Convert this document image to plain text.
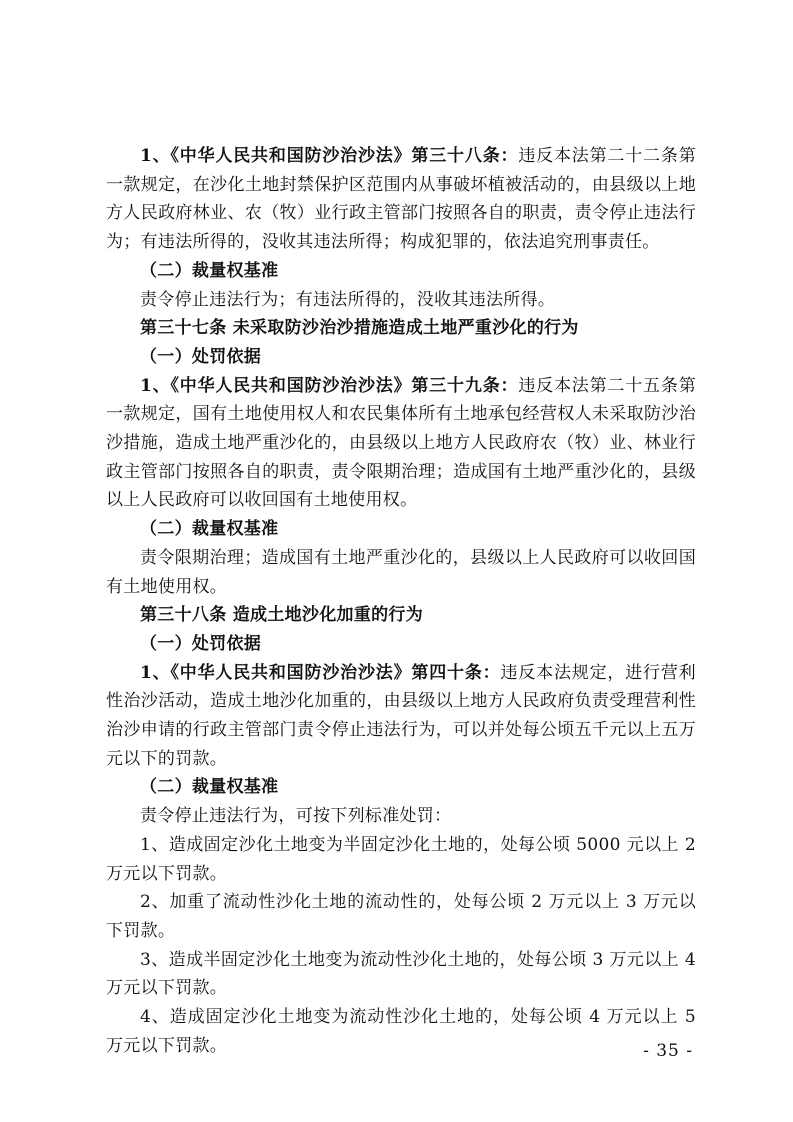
1、《中华人民共和国防沙治沙法》第三十八条：违反本法第二十二条第一款规定，在沙化土地封禁保护区范围内从事破坏植被活动的，由县级以上地方人民政府林业、农（牧）业行政主管部门按照各自的职责，责令停止违法行为；有违法所得的，没收其违法所得；构成犯罪的，依法追究刑事责任。

（二）裁量权基准

责令停止违法行为；有违法所得的，没收其违法所得。

第三十七条 未采取防沙治沙措施造成土地严重沙化的行为

（一）处罚依据

1、《中华人民共和国防沙治沙法》第三十九条：违反本法第二十五条第一款规定，国有土地使用权人和农民集体所有土地承包经营权人未采取防沙治沙措施，造成土地严重沙化的，由县级以上地方人民政府农（牧）业、林业行政主管部门按照各自的职责，责令限期治理；造成国有土地严重沙化的，县级以上人民政府可以收回国有土地使用权。

（二）裁量权基准

责令限期治理；造成国有土地严重沙化的，县级以上人民政府可以收回国有土地使用权。

第三十八条 造成土地沙化加重的行为

（一）处罚依据

1、《中华人民共和国防沙治沙法》第四十条：违反本法规定，进行营利性治沙活动，造成土地沙化加重的，由县级以上地方人民政府负责受理营利性治沙申请的行政主管部门责令停止违法行为，可以并处每公顷五千元以上五万元以下的罚款。

（二）裁量权基准

责令停止违法行为，可按下列标准处罚：

1、造成固定沙化土地变为半固定沙化土地的，处每公顷 5000 元以上 2 万元以下罚款。

2、加重了流动性沙化土地的流动性的，处每公顷 2 万元以上 3 万元以下罚款。

3、造成半固定沙化土地变为流动性沙化土地的，处每公顷 3 万元以上 4 万元以下罚款。

4、造成固定沙化土地变为流动性沙化土地的，处每公顷 4 万元以上 5 万元以下罚款。	- 35 -
